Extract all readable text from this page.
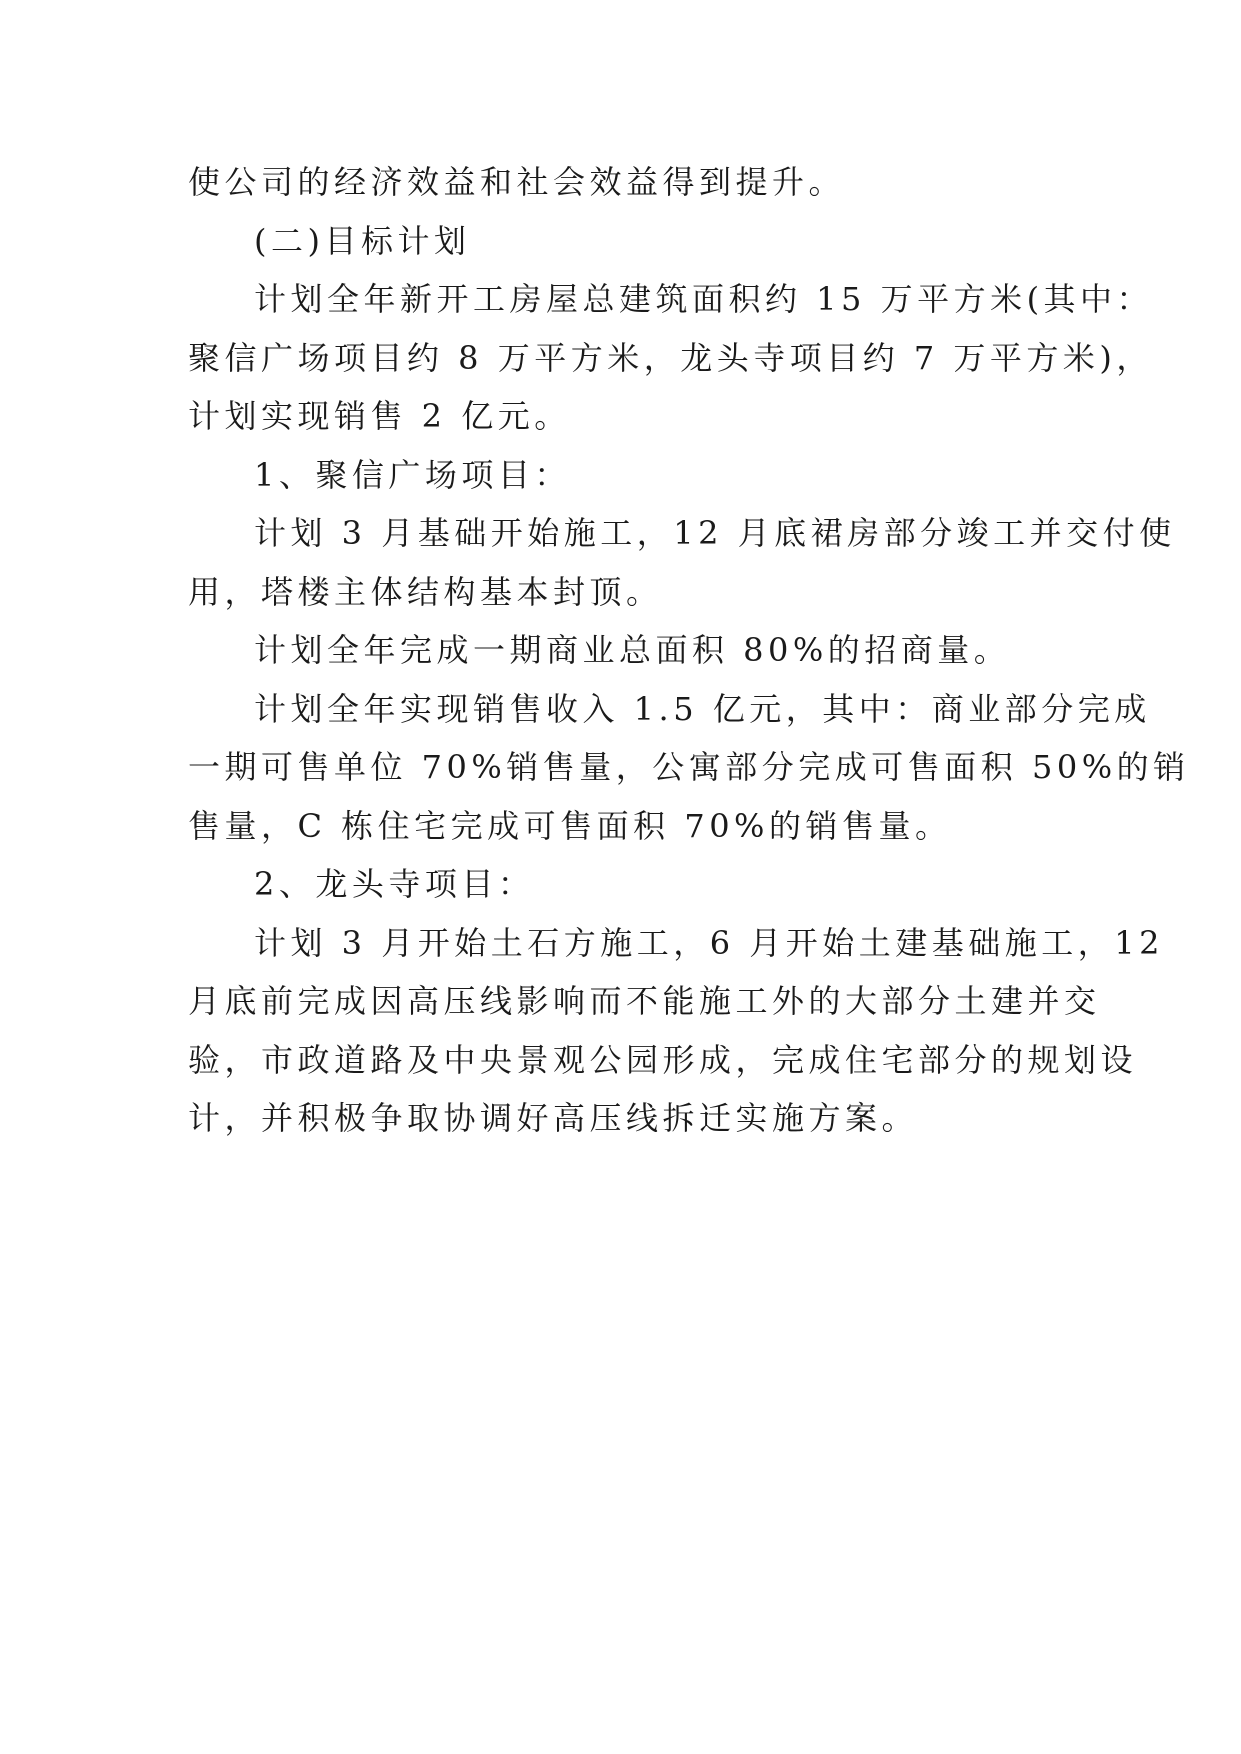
使公司的经济效益和社会效益得到提升。

(二)目标计划

计划全年新开工房屋总建筑面积约 15 万平方米(其中：

聚信广场项目约 8 万平方米，龙头寺项目约 7 万平方米)，

计划实现销售 2 亿元。

1、聚信广场项目：

计划 3 月基础开始施工，12 月底裙房部分竣工并交付使

用，塔楼主体结构基本封顶。

计划全年完成一期商业总面积 80%的招商量。

计划全年实现销售收入 1.5 亿元，其中：商业部分完成

一期可售单位 70%销售量，公寓部分完成可售面积 50%的销

售量，C 栋住宅完成可售面积 70%的销售量。

2、龙头寺项目：

计划 3 月开始土石方施工，6 月开始土建基础施工，12

月底前完成因高压线影响而不能施工外的大部分土建并交

验，市政道路及中央景观公园形成，完成住宅部分的规划设

计，并积极争取协调好高压线拆迁实施方案。
